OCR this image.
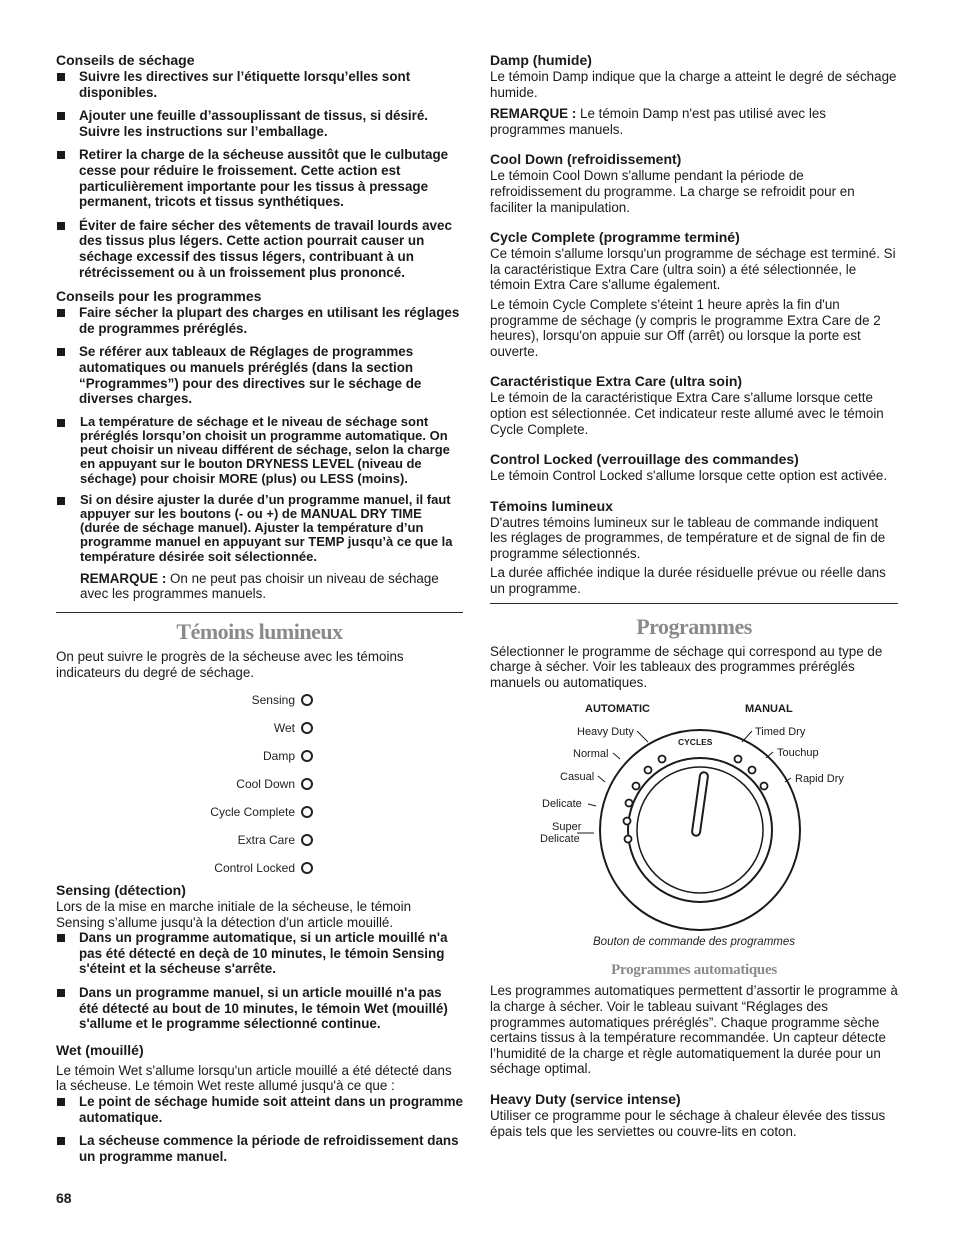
Conseils de séchage

Suivre les directives sur l’étiquette lorsqu’elles sont disponibles.
Ajouter une feuille d’assouplissant de tissus, si désiré. Suivre les instructions sur l’emballage.
Retirer la charge de la sécheuse aussitôt que le culbutage cesse pour réduire le froissement. Cette action est particulièrement importante pour les tissus à pressage permanent, tricots et tissus synthétiques.
Éviter de faire sécher des vêtements de travail lourds avec des tissus plus légers. Cette action pourrait causer un séchage excessif des tissus légers, contribuant à un rétrécissement ou à un froissement plus prononcé.

Conseils pour les programmes

Faire sécher la plupart des charges en utilisant les réglages de programmes préréglés.
Se référer aux tableaux de Réglages de programmes automatiques ou manuels préréglés (dans la section “Programmes”) pour des directives sur le séchage de diverses charges.
La température de séchage et le niveau de séchage sont préréglés lorsqu’on choisit un programme automatique. On peut choisir un niveau différent de séchage, selon la charge en appuyant sur le bouton DRYNESS LEVEL (niveau de séchage) pour choisir MORE (plus) ou LESS (moins).
Si on désire ajuster la durée d’un programme manuel, il faut appuyer sur les boutons (- ou +) de MANUAL DRY TIME (durée de séchage manuel). Ajuster la température d’un programme manuel en appuyant sur TEMP jusqu’à ce que la température désirée soit sélectionnée.

REMARQUE : On ne peut pas choisir un niveau de séchage avec les programmes manuels.

Témoins lumineux

On peut suivre le progrès de la sécheuse avec les témoins indicateurs du degré de séchage.

Sensing
Wet
Damp
Cool Down
Cycle Complete
Extra Care
Control Locked

Sensing (détection)

Lors de la mise en marche initiale de la sécheuse, le témoin Sensing s’allume jusqu'à la détection d'un article mouillé.

Dans un programme automatique, si un article mouillé n'a pas été détecté en deçà de 10 minutes, le témoin Sensing s'éteint et la sécheuse s'arrête.
Dans un programme manuel, si un article mouillé n'a pas été détecté au bout de 10 minutes, le témoin Wet (mouillé) s'allume et le programme sélectionné continue.

Wet (mouillé)

Le témoin Wet s'allume lorsqu'un article mouillé a été détecté dans la sécheuse. Le témoin Wet reste allumé jusqu'à ce que :

Le point de séchage humide soit atteint dans un programme automatique.
La sécheuse commence la période de refroidissement dans un programme manuel.
68

Damp (humide)

Le témoin Damp indique que la charge a atteint le degré de séchage humide.

REMARQUE : Le témoin Damp n'est pas utilisé avec les programmes manuels.

Cool Down (refroidissement)

Le témoin Cool Down s'allume pendant la période de refroidissement du programme. La charge se refroidit pour en faciliter la manipulation.

Cycle Complete (programme terminé)

Ce témoin s'allume lorsqu'un programme de séchage est terminé. Si la caractéristique Extra Care (ultra soin) a été sélectionnée, le témoin Extra Care s'allume également.

Le témoin Cycle Complete s'éteint 1 heure après la fin d'un programme de séchage (y compris le programme Extra Care de 2 heures), lorsqu'on appuie sur Off (arrêt) ou lorsque la porte est ouverte.

Caractéristique Extra Care (ultra soin)

Le témoin de la caractéristique Extra Care s'allume lorsque cette option est sélectionnée. Cet indicateur reste allumé avec le témoin Cycle Complete.

Control Locked (verrouillage des commandes)

Le témoin Control Locked s'allume lorsque cette option est activée.

Témoins lumineux

D'autres témoins lumineux sur le tableau de commande indiquent les réglages de programmes, de température et de signal de fin de programme sélectionnés.

La durée affichée indique la durée résiduelle prévue ou réelle dans un programme.

Programmes

Sélectionner le programme de séchage qui correspond au type de charge à sécher. Voir les tableaux des programmes préréglés manuels ou automatiques.

AUTOMATIC	MANUAL
CYCLES
Heavy Duty
Normal
Casual
Delicate
Super
Delicate
Timed Dry
Touchup
Rapid Dry
Bouton de commande des programmes
Programmes automatiques

Les programmes automatiques permettent d’assortir le programme à la charge à sécher. Voir le tableau suivant “Réglages des programmes automatiques préréglés”. Chaque programme sèche certains tissus à la température recommandée. Un capteur détecte l’humidité de la charge et règle automatiquement la durée pour un séchage optimal.

Heavy Duty (service intense)

Utiliser ce programme pour le séchage à chaleur élevée des tissus épais tels que les serviettes ou couvre-lits en coton.
